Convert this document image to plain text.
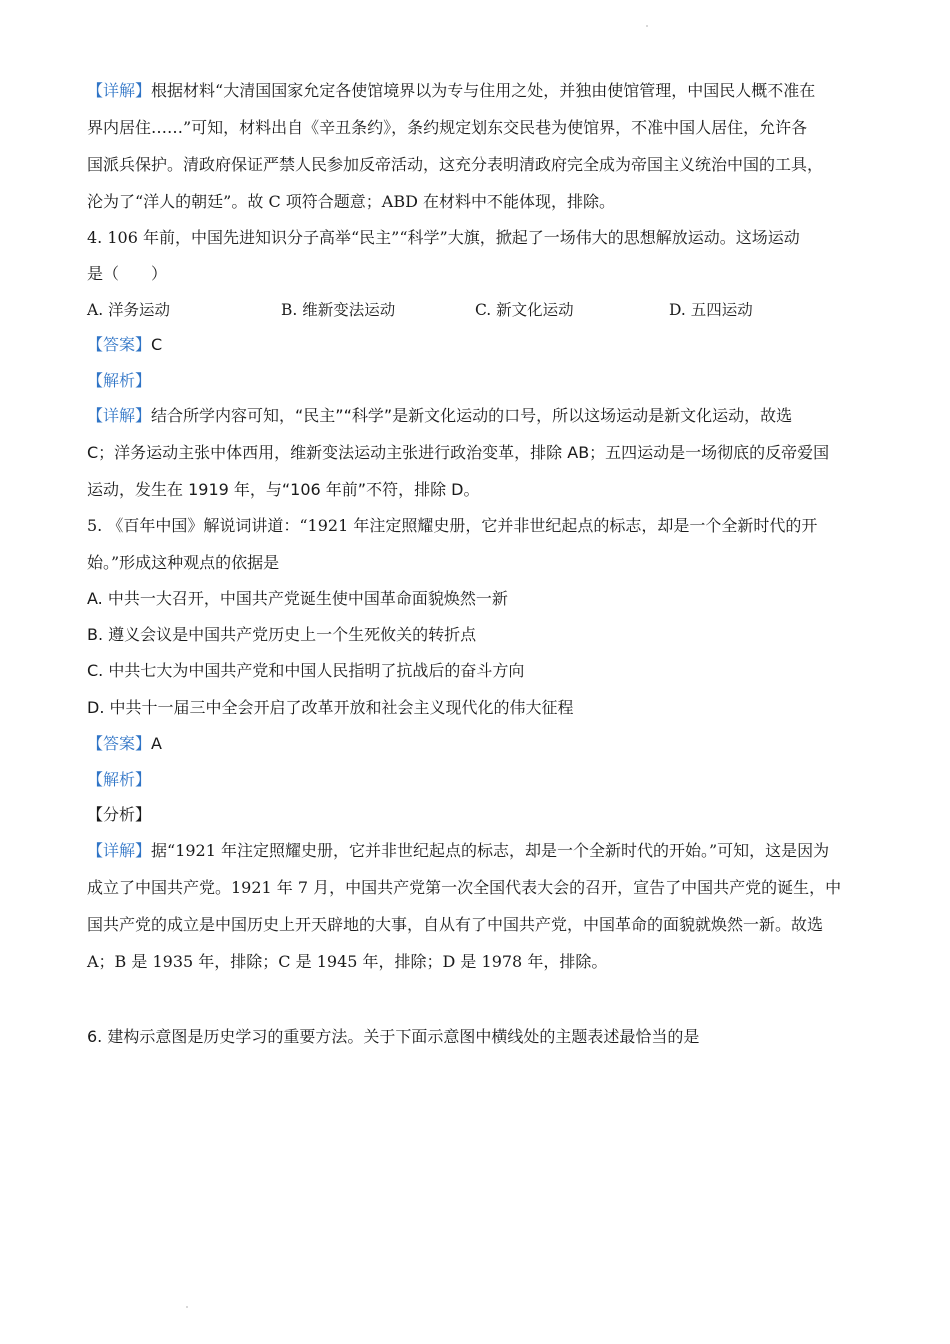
【详解】根据材料“大清国国家允定各使馆境界以为专与住用之处，并独由使馆管理，中国民人概不准在
界内居住……”可知，材料出自《辛丑条约》，条约规定划东交民巷为使馆界，不准中国人居住，允许各
国派兵保护。清政府保证严禁人民参加反帝活动，这充分表明清政府完全成为帝国主义统治中国的工具，
沦为了“洋人的朝廷”。故 C 项符合题意；ABD 在材料中不能体现，排除。
4. 106 年前，中国先进知识分子高举“民主”“科学”大旗，掀起了一场伟大的思想解放运动。这场运动
是（　　）
A. 洋务运动	B. 维新变法运动	C. 新文化运动	D. 五四运动
【答案】C
【解析】
【详解】结合所学内容可知，“民主”“科学”是新文化运动的口号，所以这场运动是新文化运动，故选
C；洋务运动主张中体西用，维新变法运动主张进行政治变革，排除 AB；五四运动是一场彻底的反帝爱国
运动，发生在 1919 年，与“106 年前”不符，排除 D。
5. 《百年中国》解说词讲道：“1921 年注定照耀史册，它并非世纪起点的标志，却是一个全新时代的开
始。”形成这种观点的依据是
A. 中共一大召开，中国共产党诞生使中国革命面貌焕然一新
B. 遵义会议是中国共产党历史上一个生死攸关的转折点
C. 中共七大为中国共产党和中国人民指明了抗战后的奋斗方向
D. 中共十一届三中全会开启了改革开放和社会主义现代化的伟大征程
【答案】A
【解析】
【分析】
【详解】据“1921 年注定照耀史册，它并非世纪起点的标志，却是一个全新时代的开始。”可知，这是因为
成立了中国共产党。1921 年 7 月，中国共产党第一次全国代表大会的召开，宣告了中国共产党的诞生，中
国共产党的成立是中国历史上开天辟地的大事，自从有了中国共产党，中国革命的面貌就焕然一新。故选
A；B 是 1935 年，排除；C 是 1945 年，排除；D 是 1978 年，排除。
6. 建构示意图是历史学习的重要方法。关于下面示意图中横线处的主题表述最恰当的是
